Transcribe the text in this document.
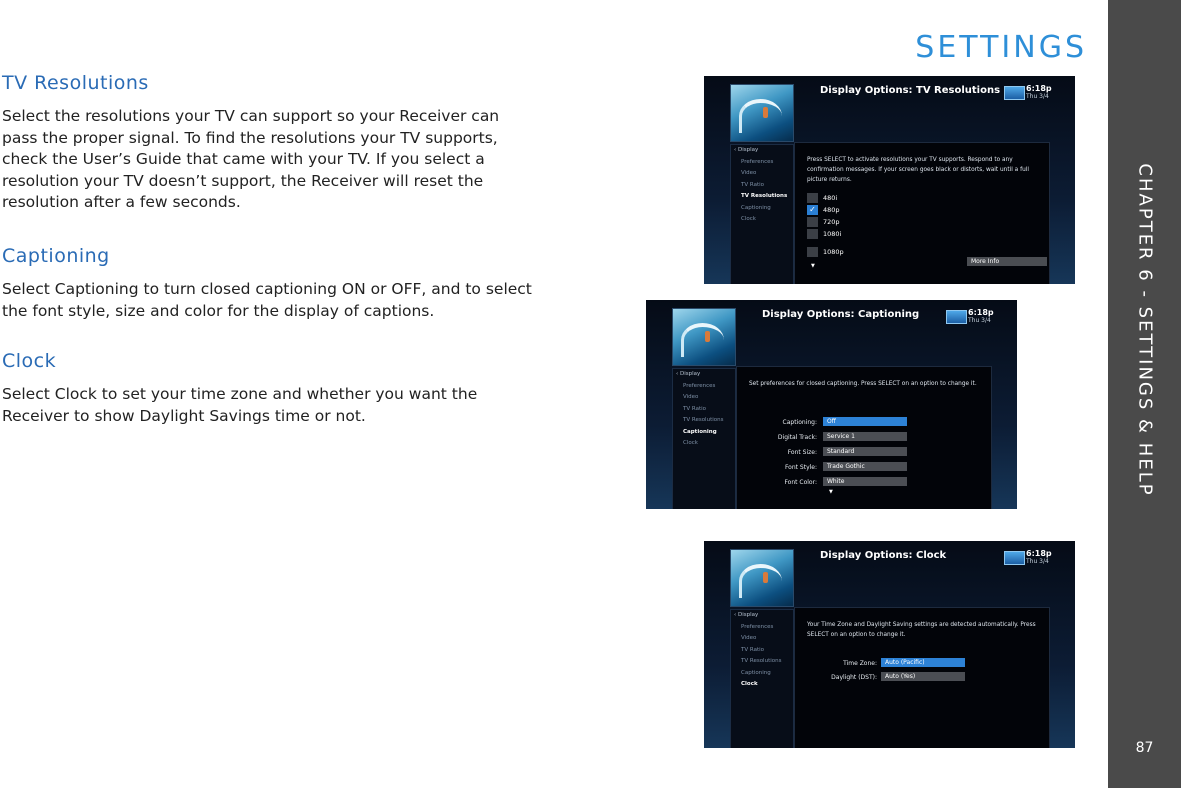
SETTINGS
TV Resolutions

Select the resolutions your TV can support so your Receiver can pass the proper signal. To find the resolutions your TV supports, check the User’s Guide that came with your TV. If you select a resolution your TV doesn’t support, the Receiver will reset the resolution after a few seconds.

Captioning

Select Captioning to turn closed captioning ON or OFF, and to select the font style, size and color for the display of captions.

Clock

Select Clock to set your time zone and whether you want the Receiver to show Daylight Savings time or not.

Display Options: TV Resolutions	6:18p
Thu 3/4
‹ Display
Preferences
Video
TV Ratio
TV Resolutions
Captioning
Clock
Press SELECT to activate resolutions your TV supports. Respond to any confirmation messages. If your screen goes black or distorts, wait until a full picture returns.
480i
✓ 480p
720p
1080i
1080p
▼
More Info
Display Options: Captioning	6:18p
Thu 3/4
‹ Display
Preferences
Video
TV Ratio
TV Resolutions
Captioning
Clock
Set preferences for closed captioning. Press SELECT on an option to change it.
Captioning:	Off
Digital Track:	Service 1
Font Size:	Standard
Font Style:	Trade Gothic
Font Color:	White
▼
Display Options: Clock	6:18p
Thu 3/4
‹ Display
Preferences
Video
TV Ratio
TV Resolutions
Captioning
Clock
Your Time Zone and Daylight Saving settings are detected automatically. Press SELECT on an option to change it.
Time Zone:	Auto (Pacific)
Daylight (DST):	Auto (Yes)
CHAPTER 6 - SETTINGS & HELP
87
